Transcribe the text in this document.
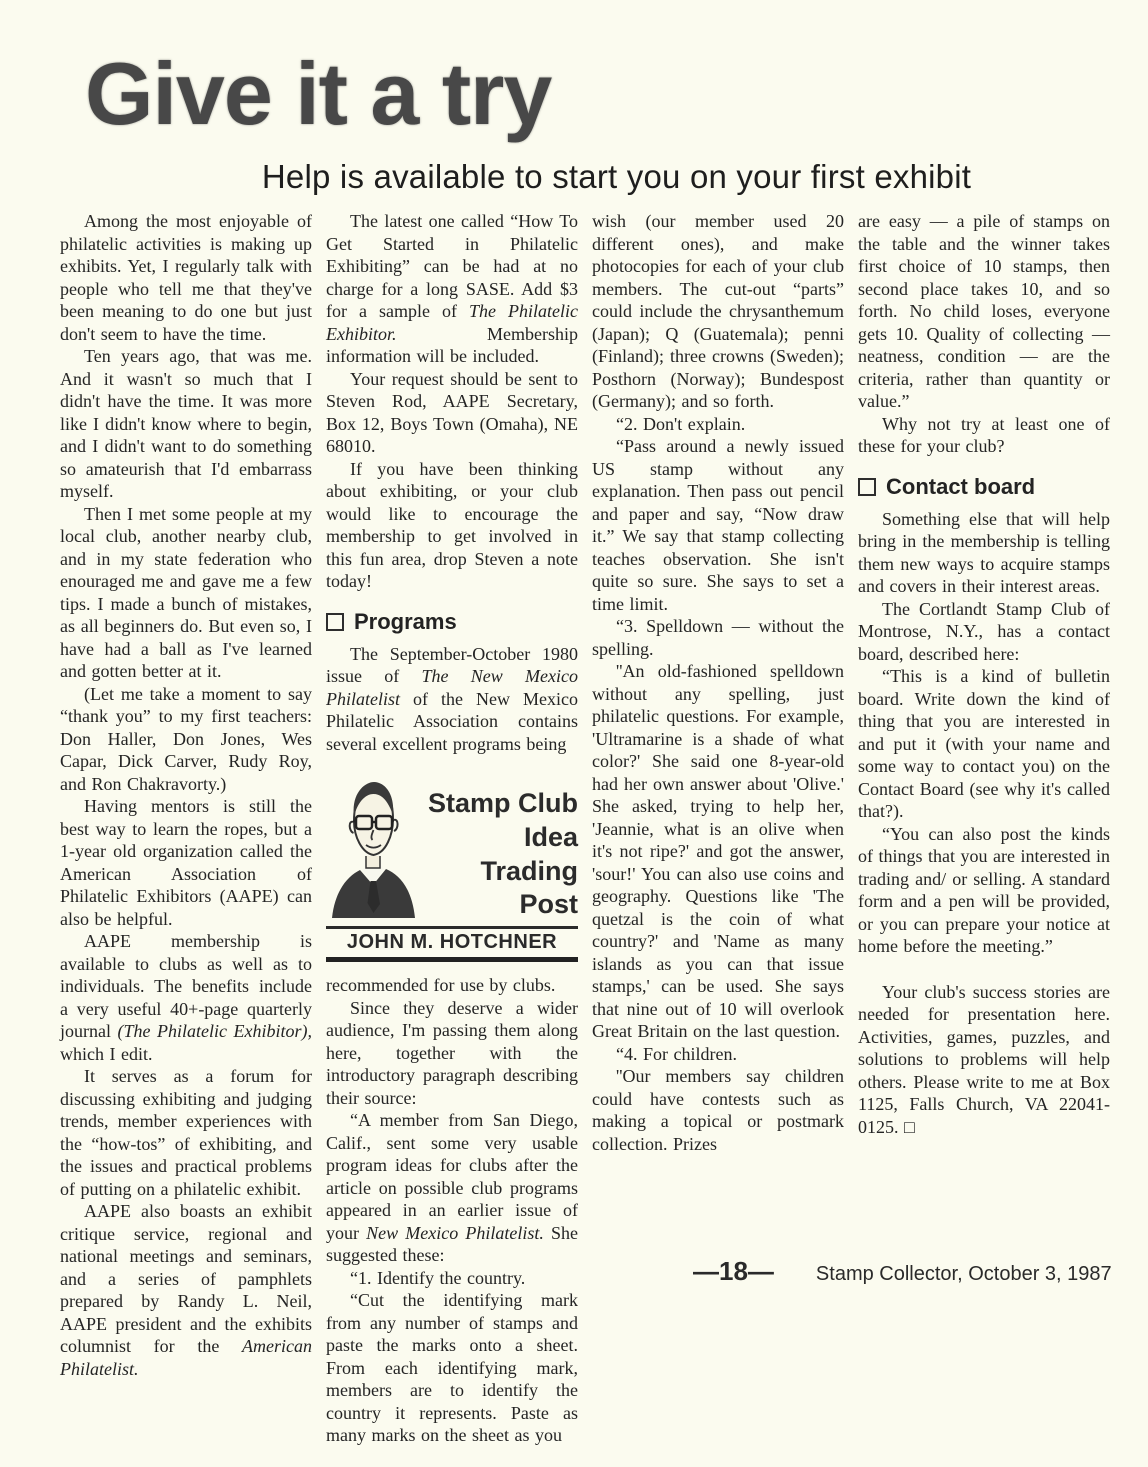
Give it a try
Help is available to start you on your first exhibit

Among the most enjoyable of philatelic activities is making up exhibits. Yet, I regularly talk with people who tell me that they've been meaning to do one but just don't seem to have the time.

Ten years ago, that was me. And it wasn't so much that I didn't have the time. It was more like I didn't know where to begin, and I didn't want to do something so amateurish that I'd embarrass myself.

Then I met some people at my local club, another nearby club, and in my state federation who enouraged me and gave me a few tips. I made a bunch of mistakes, as all beginners do. But even so, I have had a ball as I've learned and gotten better at it.

(Let me take a moment to say “thank you” to my first teachers: Don Haller, Don Jones, Wes Capar, Dick Carver, Rudy Roy, and Ron Chakravorty.)

Having mentors is still the best way to learn the ropes, but a 1-year old organization called the American Association of Philatelic Exhibitors (AAPE) can also be helpful.

AAPE membership is available to clubs as well as to individuals. The benefits include a very useful 40+-page quarterly journal (The Philatelic Exhibitor), which I edit.

It serves as a forum for discussing exhibiting and judging trends, member experiences with the “how-tos” of exhibiting, and the issues and practical problems of putting on a philatelic exhibit.

AAPE also boasts an exhibit critique service, regional and national meetings and seminars, and a series of pamphlets prepared by Randy L. Neil, AAPE president and the exhibits columnist for the American Philatelist.

The latest one called “How To Get Started in Philatelic Exhibiting” can be had at no charge for a long SASE. Add $3 for a sample of The Philatelic Exhibitor. Membership information will be included.

Your request should be sent to Steven Rod, AAPE Secretary, Box 12, Boys Town (Omaha), NE 68010.

If you have been thinking about exhibiting, or your club would like to encourage the membership to get involved in this fun area, drop Steven a note today!

Programs

The September-October 1980 issue of The New Mexico Philatelist of the New Mexico Philatelic Association contains several excellent programs being

Stamp Club
Idea
Trading
Post
JOHN M. HOTCHNER

recommended for use by clubs.

Since they deserve a wider audience, I'm passing them along here, together with the introductory paragraph describing their source:

“A member from San Diego, Calif., sent some very usable program ideas for clubs after the article on possible club programs appeared in an earlier issue of your New Mexico Philatelist. She suggested these:

“1. Identify the country.

“Cut the identifying mark from any number of stamps and paste the marks onto a sheet. From each identifying mark, members are to identify the country it represents. Paste as many marks on the sheet as you

wish (our member used 20 different ones), and make photocopies for each of your club members. The cut-out “parts” could include the chrysanthemum (Japan); Q (Guatemala); penni (Finland); three crowns (Sweden); Posthorn (Norway); Bundespost (Germany); and so forth.

“2. Don't explain.

“Pass around a newly issued US stamp without any explanation. Then pass out pencil and paper and say, “Now draw it.” We say that stamp collecting teaches observation. She isn't quite so sure. She says to set a time limit.

“3. Spelldown — without the spelling.

''An old-fashioned spelldown without any spelling, just philatelic questions. For example, 'Ultramarine is a shade of what color?' She said one 8-year-old had her own answer about 'Olive.' She asked, trying to help her, 'Jeannie, what is an olive when it's not ripe?' and got the answer, 'sour!' You can also use coins and geography. Questions like 'The quetzal is the coin of what country?' and 'Name as many islands as you can that issue stamps,' can be used. She says that nine out of 10 will overlook Great Britain on the last question.

“4. For children.

''Our members say children could have contests such as making a topical or postmark collection. Prizes

are easy — a pile of stamps on the table and the winner takes first choice of 10 stamps, then second place takes 10, and so forth. No child loses, everyone gets 10. Quality of collecting — neatness, condition — are the criteria, rather than quantity or value.”

Why not try at least one of these for your club?

Contact board

Something else that will help bring in the membership is telling them new ways to acquire stamps and covers in their interest areas.

The Cortlandt Stamp Club of Montrose, N.Y., has a contact board, described here:

“This is a kind of bulletin board. Write down the kind of thing that you are interested in and put it (with your name and some way to contact you) on the Contact Board (see why it's called that?).

“You can also post the kinds of things that you are interested in trading and/ or selling. A standard form and a pen will be provided, or you can prepare your notice at home before the meeting.”

Your club's success stories are needed for presentation here. Activities, games, puzzles, and solutions to problems will help others. Please write to me at Box 1125, Falls Church, VA 22041-0125. □

—18— Stamp Collector, October 3, 1987
